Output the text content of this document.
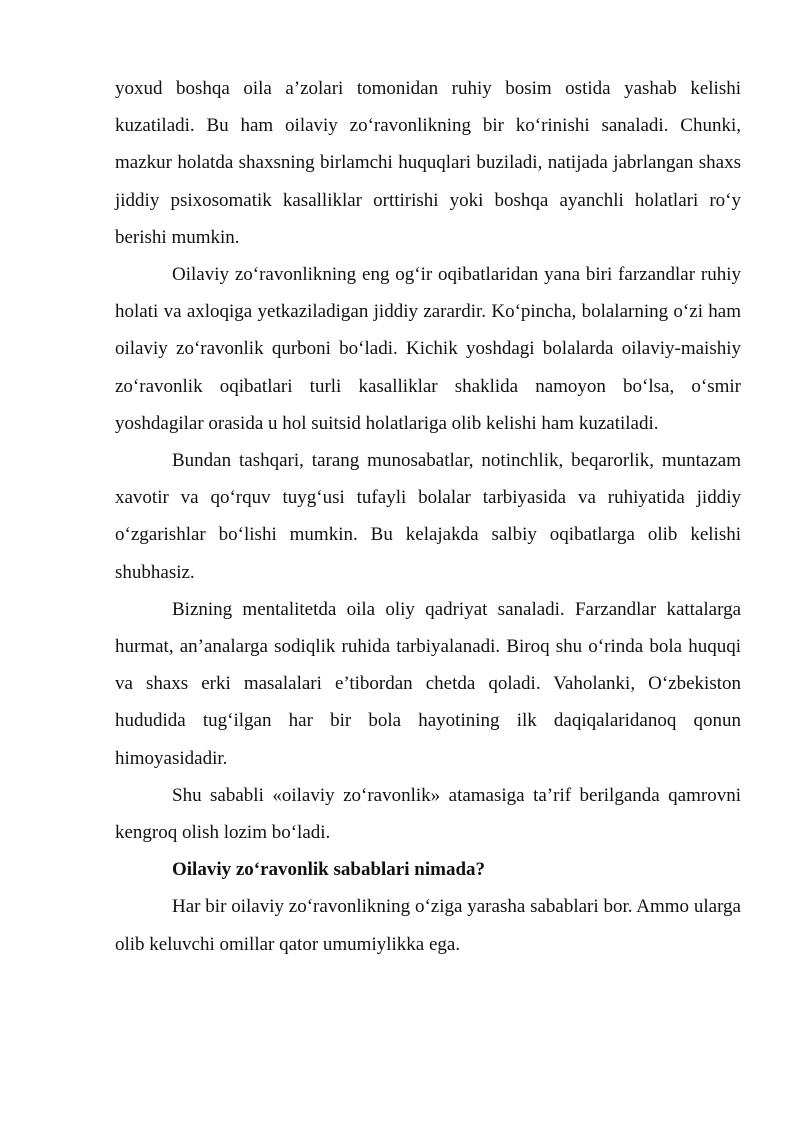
yoxud boshqa oila a’zolari tomonidan ruhiy bosim ostida yashab kelishi kuzatiladi. Bu ham oilaviy zo‘ravonlikning bir ko‘rinishi sanaladi. Chunki, mazkur holatda shaxsning birlamchi huquqlari buziladi, natijada jabrlangan shaxs jiddiy psixosomatik kasalliklar orttirishi yoki boshqa ayanchli holatlari ro‘y berishi mumkin.

Oilaviy zo‘ravonlikning eng og‘ir oqibatlaridan yana biri farzandlar ruhiy holati va axloqiga yetkaziladigan jiddiy zarardir. Ko‘pincha, bolalarning o‘zi ham oilaviy zo‘ravonlik qurboni bo‘ladi. Kichik yoshdagi bolalarda oilaviy-maishiy zo‘ravonlik oqibatlari turli kasalliklar shaklida namoyon bo‘lsa, o‘smir yoshdagilar orasida u hol suitsid holatlariga olib kelishi ham kuzatiladi.

Bundan tashqari, tarang munosabatlar, notinchlik, beqarorlik, muntazam xavotir va qo‘rquv tuyg‘usi tufayli bolalar tarbiyasida va ruhiyatida jiddiy o‘zgarishlar bo‘lishi mumkin. Bu kelajakda salbiy oqibatlarga olib kelishi shubhasiz.

Bizning mentalitetda oila oliy qadriyat sanaladi. Farzandlar kattalarga hurmat, an’analarga sodiqlik ruhida tarbiyalanadi. Biroq shu o‘rinda bola huquqi va shaxs erki masalalari e’tibordan chetda qoladi. Vaholanki, O‘zbekiston hududida tug‘ilgan har bir bola hayotining ilk daqiqalaridanoq qonun himoyasidadir.

Shu sababli «oilaviy zo‘ravonlik» atamasiga ta’rif berilganda qamrovni kengroq olish lozim bo‘ladi.

Oilaviy zo‘ravonlik sabablari nimada?

Har bir oilaviy zo‘ravonlikning o‘ziga yarasha sabablari bor. Ammo ularga olib keluvchi omillar qator umumiylikka ega.
